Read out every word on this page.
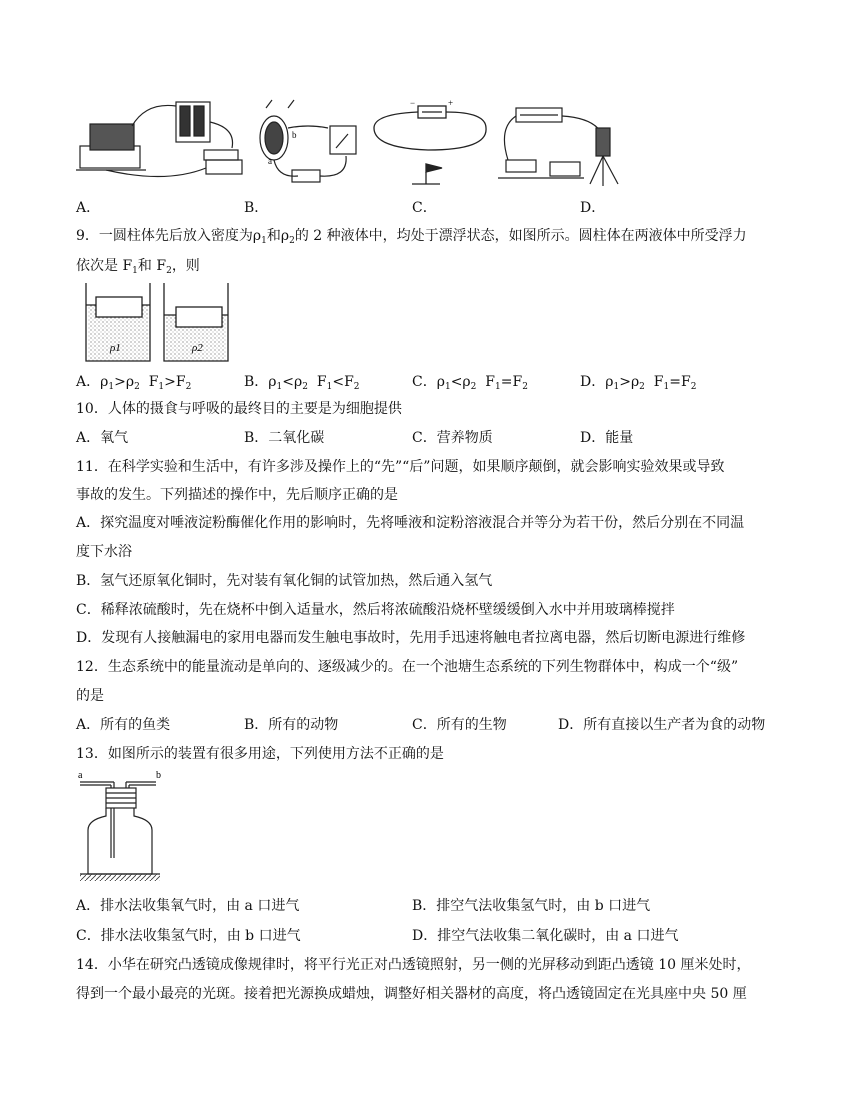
a
b
−	+
A．	B．	C．	D．
9．一圆柱体先后放入密度为$\rho_1$和$\rho_2$的 2 种液体中，均处于漂浮状态，如图所示。圆柱体在两液体中所受浮力
依次是 $F_1$和 $F_2$，则
ρ1	ρ2
A．$\rho_1>\rho_2$  $F_1>F_2$	B．$\rho_1<\rho_2$  $F_1<F_2$	C．$\rho_1<\rho_2$  $F_1=F_2$	D．$\rho_1>\rho_2$  $F_1=F_2$
10．人体的摄食与呼吸的最终目的主要是为细胞提供
A．氧气	B．二氧化碳	C．营养物质	D．能量
11．在科学实验和生活中，有许多涉及操作上的“先”“后”问题，如果顺序颠倒，就会影响实验效果或导致
事故的发生。下列描述的操作中，先后顺序正确的是
A．探究温度对唾液淀粉酶催化作用的影响时，先将唾液和淀粉溶液混合并等分为若干份，然后分别在不同温
度下水浴
B．氢气还原氧化铜时，先对装有氧化铜的试管加热，然后通入氢气
C．稀释浓硫酸时，先在烧杯中倒入适量水，然后将浓硫酸沿烧杯壁缓缓倒入水中并用玻璃棒搅拌
D．发现有人接触漏电的家用电器而发生触电事故时，先用手迅速将触电者拉离电器，然后切断电源进行维修
12．生态系统中的能量流动是单向的、逐级减少的。在一个池塘生态系统的下列生物群体中，构成一个“级”
的是
A．所有的鱼类	B．所有的动物	C．所有的生物	D．所有直接以生产者为食的动物
13．如图所示的装置有很多用途，下列使用方法不正确的是
a	b
A．排水法收集氧气时，由 a 口进气	B．排空气法收集氢气时，由 b 口进气
C．排水法收集氢气时，由 b 口进气	D．排空气法收集二氧化碳时，由 a 口进气
14．小华在研究凸透镜成像规律时，将平行光正对凸透镜照射，另一侧的光屏移动到距凸透镜 10 厘米处时，
得到一个最小最亮的光斑。接着把光源换成蜡烛，调整好相关器材的高度，将凸透镜固定在光具座中央 50 厘
